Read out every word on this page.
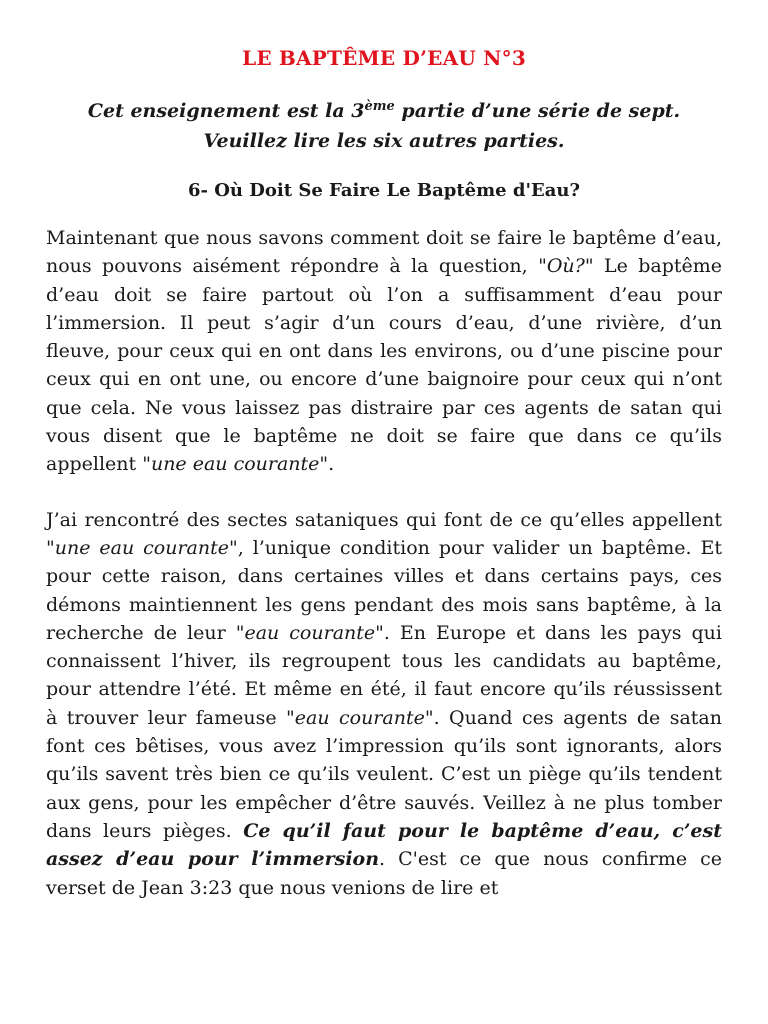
LE BAPTÊME D’EAU N°3
Cet enseignement est la 3ème partie d’une série de sept.
Veuillez lire les six autres parties.
6- Où Doit Se Faire Le Baptême d'Eau?

Maintenant que nous savons comment doit se faire le baptême d’eau, nous pouvons aisément répondre à la question, "Où?" Le baptême d’eau doit se faire partout où l’on a suffisamment d’eau pour l’immersion. Il peut s’agir d’un cours d’eau, d’une rivière, d’un fleuve, pour ceux qui en ont dans les environs, ou d’une piscine pour ceux qui en ont une, ou encore d’une baignoire pour ceux qui n’ont que cela. Ne vous laissez pas distraire par ces agents de satan qui vous disent que le baptême ne doit se faire que dans ce qu’ils appellent "une eau courante".

J’ai rencontré des sectes sataniques qui font de ce qu’elles appellent "une eau courante", l’unique condition pour valider un baptême. Et pour cette raison, dans certaines villes et dans certains pays, ces démons maintiennent les gens pendant des mois sans baptême, à la recherche de leur "eau courante". En Europe et dans les pays qui connaissent l’hiver, ils regroupent tous les candidats au baptême, pour attendre l’été. Et même en été, il faut encore qu’ils réussissent à trouver leur fameuse "eau courante". Quand ces agents de satan font ces bêtises, vous avez l’impression qu’ils sont ignorants, alors qu’ils savent très bien ce qu’ils veulent. C’est un piège qu’ils tendent aux gens, pour les empêcher d’être sauvés. Veillez à ne plus tomber dans leurs pièges. Ce qu’il faut pour le baptême d’eau, c’est assez d’eau pour l’immersion. C'est ce que nous confirme ce verset de Jean 3:23 que nous venions de lire et
